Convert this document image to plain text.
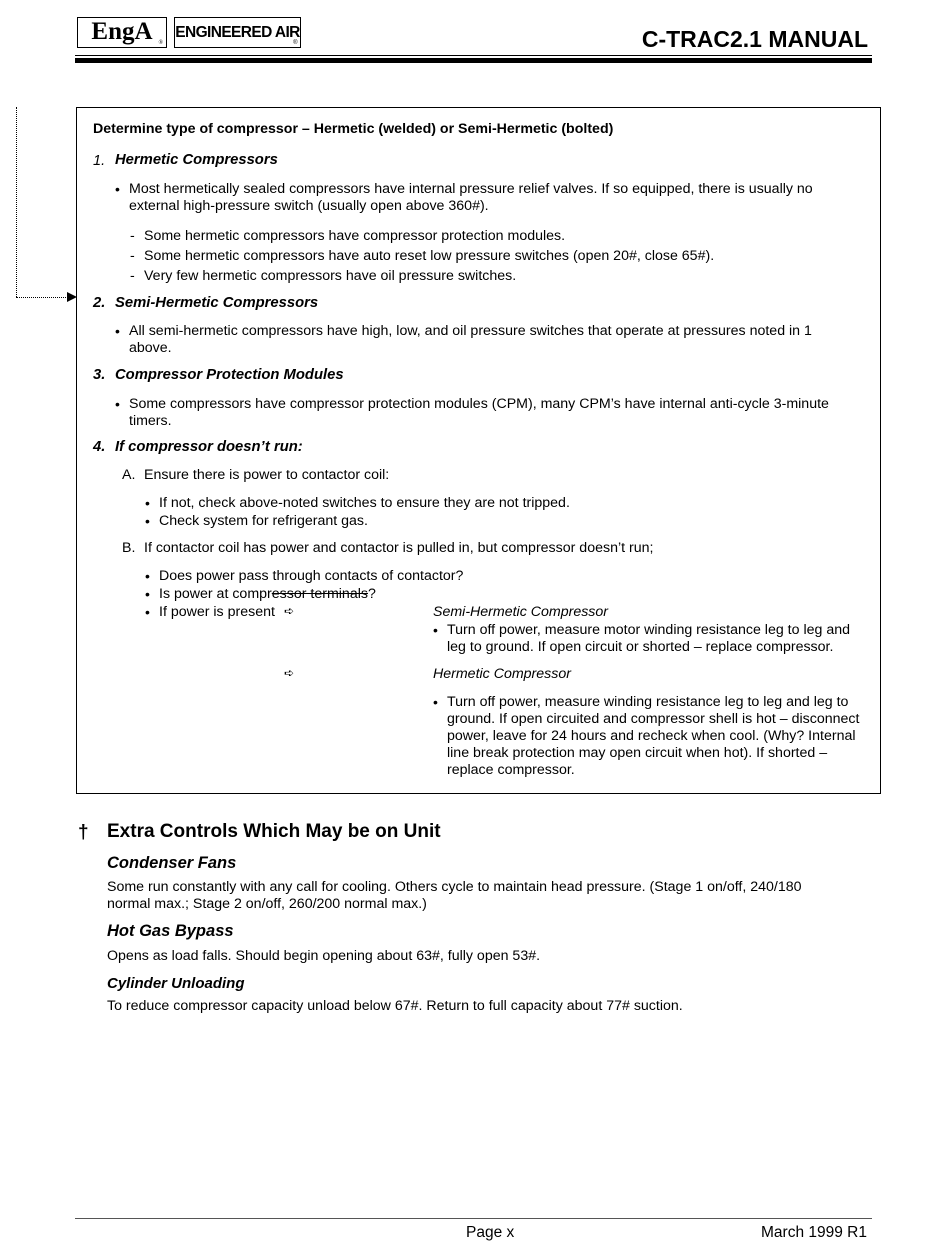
EngA ®
ENGINEERED AIR
®	C-TRAC2.1 MANUAL
Determine type of compressor – Hermetic (welded) or Semi-Hermetic (bolted)
1. Hermetic Compressors
• Most hermetically sealed compressors have internal pressure relief valves. If so equipped, there is usually no
external high-pressure switch (usually open above 360#).
- Some hermetic compressors have compressor protection modules.
- Some hermetic compressors have auto reset low pressure switches (open 20#, close 65#).
- Very few hermetic compressors have oil pressure switches.
2. Semi-Hermetic Compressors
• All semi-hermetic compressors have high, low, and oil pressure switches that operate at pressures noted in 1
above.
3. Compressor Protection Modules
• Some compressors have compressor protection modules (CPM), many CPM’s have internal anti-cycle 3-minute
timers.
4. If compressor doesn’t run:
A. Ensure there is power to contactor coil:
• If not, check above-noted switches to ensure they are not tripped.
• Check system for refrigerant gas.
B. If contactor coil has power and contactor is pulled in, but compressor doesn’t run;
• Does power pass through contacts of contactor?
• Is power at compressor terminals?
• If power is present ➪	Semi-Hermetic Compressor
• Turn off power, measure motor winding resistance leg to leg and
leg to ground. If open circuit or shorted – replace compressor.
➪	Hermetic Compressor
• Turn off power, measure winding resistance leg to leg and leg to
ground. If open circuited and compressor shell is hot – disconnect
power, leave for 24 hours and recheck when cool. (Why? Internal
line break protection may open circuit when hot). If shorted –
replace compressor.
† Extra Controls Which May be on Unit
Condenser Fans
Some run constantly with any call for cooling. Others cycle to maintain head pressure. (Stage 1 on/off, 240/180
normal max.; Stage 2 on/off, 260/200 normal max.)
Hot Gas Bypass
Opens as load falls. Should begin opening about 63#, fully open 53#.
Cylinder Unloading
To reduce compressor capacity unload below 67#. Return to full capacity about 77# suction.
Page x	March 1999 R1
